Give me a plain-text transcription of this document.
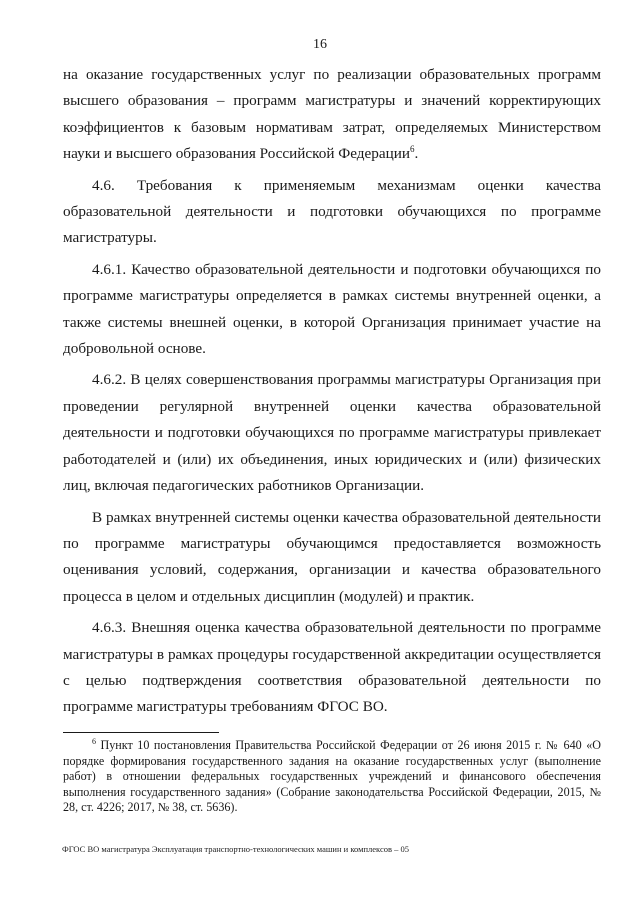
16

на оказание государственных услуг по реализации образовательных программ высшего образования – программ магистратуры и значений корректирующих коэффициентов к базовым нормативам затрат, определяемых Министерством науки и высшего образования Российской Федерации$^6$.

4.6. Требования к применяемым механизмам оценки качества образовательной деятельности и подготовки обучающихся по программе магистратуры.

4.6.1. Качество образовательной деятельности и подготовки обучающихся по программе магистратуры определяется в рамках системы внутренней оценки, а также системы внешней оценки, в которой Организация принимает участие на добровольной основе.

4.6.2. В целях совершенствования программы магистратуры Организация при проведении регулярной внутренней оценки качества образовательной деятельности и подготовки обучающихся по программе магистратуры привлекает работодателей и (или) их объединения, иных юридических и (или) физических лиц, включая педагогических работников Организации.

В рамках внутренней системы оценки качества образовательной деятельности по программе магистратуры обучающимся предоставляется возможность оценивания условий, содержания, организации и качества образовательного процесса в целом и отдельных дисциплин (модулей) и практик.

4.6.3. Внешняя оценка качества образовательной деятельности по программе магистратуры в рамках процедуры государственной аккредитации осуществляется с целью подтверждения соответствия образовательной деятельности по программе магистратуры требованиям ФГОС ВО.

$^6$ Пункт 10 постановления Правительства Российской Федерации от 26 июня 2015 г. № 640 «О порядке формирования государственного задания на оказание государственных услуг (выполнение работ) в отношении федеральных государственных учреждений и финансового обеспечения выполнения государственного задания» (Собрание законодательства Российской Федерации, 2015, № 28, ст. 4226; 2017, № 38, ст. 5636).

ФГОС ВО магистратура Эксплуатация транспортно-технологических машин и комплексов – 05
